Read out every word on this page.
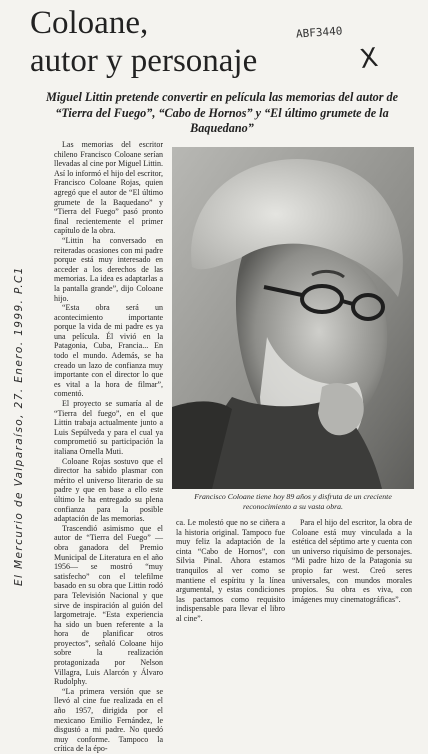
ABF3440
X
El Mercurio de Valparaíso, 27. Enero. 1999. P.C1
Coloane,
autor y personaje

Miguel Littin pretende convertir en película las memorias del autor de “Tierra del Fuego”, “Cabo de Hornos” y “El último grumete de la Baquedano”

Las memorias del escritor chileno Francisco Coloane serían llevadas al cine por Miguel Littin. Así lo informó el hijo del escritor, Francisco Coloane Rojas, quien agregó que el autor de “El último grumete de la Baquedano” y “Tierra del Fuego” pasó pronto final recientemente el primer capítulo de la obra.

“Littin ha conversado en reiteradas ocasiones con mi padre porque está muy interesado en acceder a los derechos de las memorias. La idea es adaptarlas a la pantalla grande”, dijo Coloane hijo.

“Esta obra será un acontecimiento importante porque la vida de mi padre es ya una película. Él vivió en la Patagonia, Cuba, Francia... En todo el mundo. Además, se ha creado un lazo de confianza muy importante con el director lo que es vital a la hora de filmar”, comentó.

El proyecto se sumaría al de “Tierra del fuego”, en el que Littin trabaja actualmente junto a Luis Sepúlveda y para el cual ya comprometió su participación la italiana Ornella Muti.

Coloane Rojas sostuvo que el director ha sabido plasmar con mérito el universo literario de su padre y que en base a ello este último le ha entregado su plena confianza para la posible adaptación de las memorias.

Trascendió asimismo que el autor de “Tierra del Fuego” —obra ganadora del Premio Municipal de Literatura en el año 1956— se mostró “muy satisfecho” con el telefilme basado en su obra que Littin rodó para Televisión Nacional y que sirve de inspiración al guión del largometraje. “Esta experiencia ha sido un buen referente a la hora de planificar otros proyectos”, señaló Coloane hijo sobre la realización protagonizada por Nelson Villagra, Luis Alarcón y Álvaro Rudolphy.

“La primera versión que se llevó al cine fue realizada en el año 1957, dirigida por el mexicano Emilio Fernández, le disgustó a mi padre. No quedó muy conforme. Tampoco la crítica de la épo-

Francisco Coloane tiene hoy 89 años y disfruta de un creciente reconocimiento a su vasta obra.

ca. Le molestó que no se ciñera a la historia original. Tampoco fue muy feliz la adaptación de la cinta “Cabo de Hornos”, con Silvia Pinal. Ahora estamos tranquilos al ver como se mantiene el espíritu y la línea argumental, y estas condiciones las pactamos como requisito indispensable para llevar el libro al cine”.

Para el hijo del escritor, la obra de Coloane está muy vinculada a la estética del séptimo arte y cuenta con un universo riquísimo de personajes. “Mi padre hizo de la Patagonia su propio far west. Creó seres universales, con mundos morales propios. Su obra es viva, con imágenes muy cinematográficas”.
